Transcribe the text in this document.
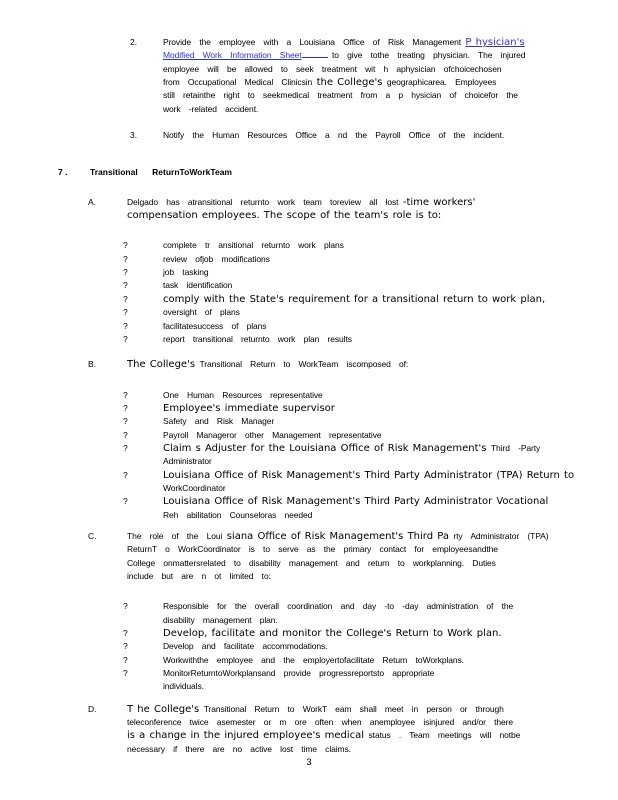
2.	Provide the employee with a Louisiana Office of Risk Management P hysician's
Modified Work Information Sheet	to give tothe treating physician. The injured
employee will be allowed to seek treatment wit h aphysician ofchoicechosen
from Occupational Medical Clinicsin the College's geographicarea. Employees
still retainthe right to seekmedical treatment from a p hysician of choicefor the
work -related accident.
3.	Notify the Human Resources Office a nd the Payroll Office of the incident.
7 .	Transitional ReturnToWorkTeam
A.	Delgado has atransitional returnto work team toreview all lost -time workers'
compensation employees. The scope of the team's role is to:
?	complete tr ansitional returnto work plans
?	review ofjob modifications
?	job tasking
?	task identification
?	comply with the State's requirement for a transitional return to work plan,
?	oversight of plans
?	facilitatesuccess of plans
?	report transitional returnto work plan results
B.	The College's Transitional Return to WorkTeam iscomposed of:
?	One Human Resources representative
?	Employee's immediate supervisor
?	Safety and Risk Manager
?	Payroll Manageror other Management representative
?	Claim s Adjuster for the Louisiana Office of Risk Management's Third -Party
Administrator
?	Louisiana Office of Risk Management's Third Party Administrator (TPA) Return to
WorkCoordinator
?	Louisiana Office of Risk Management's Third Party Administrator Vocational
Reh abilitation Counseloras needed
C.	The role of the Loui siana Office of Risk Management's Third Pa rty Administrator (TPA)
ReturnT o WorkCoordinator is to serve as the primary contact for employeesandthe
College onmattersrelated to disability management and return to workplanning. Duties
include but are n ot limited to:
?	Responsible for the overall coordination and day -to -day administration of the
disability management plan.
?	Develop, facilitate and monitor the College's Return to Work plan.
?	Develop and facilitate accommodations.
?	Workwiththe employee and the employertofacilitate Return toWorkplans.
?	MonitorReturntoWorkplansand provide progressreportsto appropriate
individuals.
D.	T he College's Transitional Return to WorkT eam shall meet in person or through
teleconference twice asemester or m ore often when anemployee isinjured and/or there
is a change in the injured employee's medical status . Team meetings will notbe
necessary if there are no active lost time claims.
3
